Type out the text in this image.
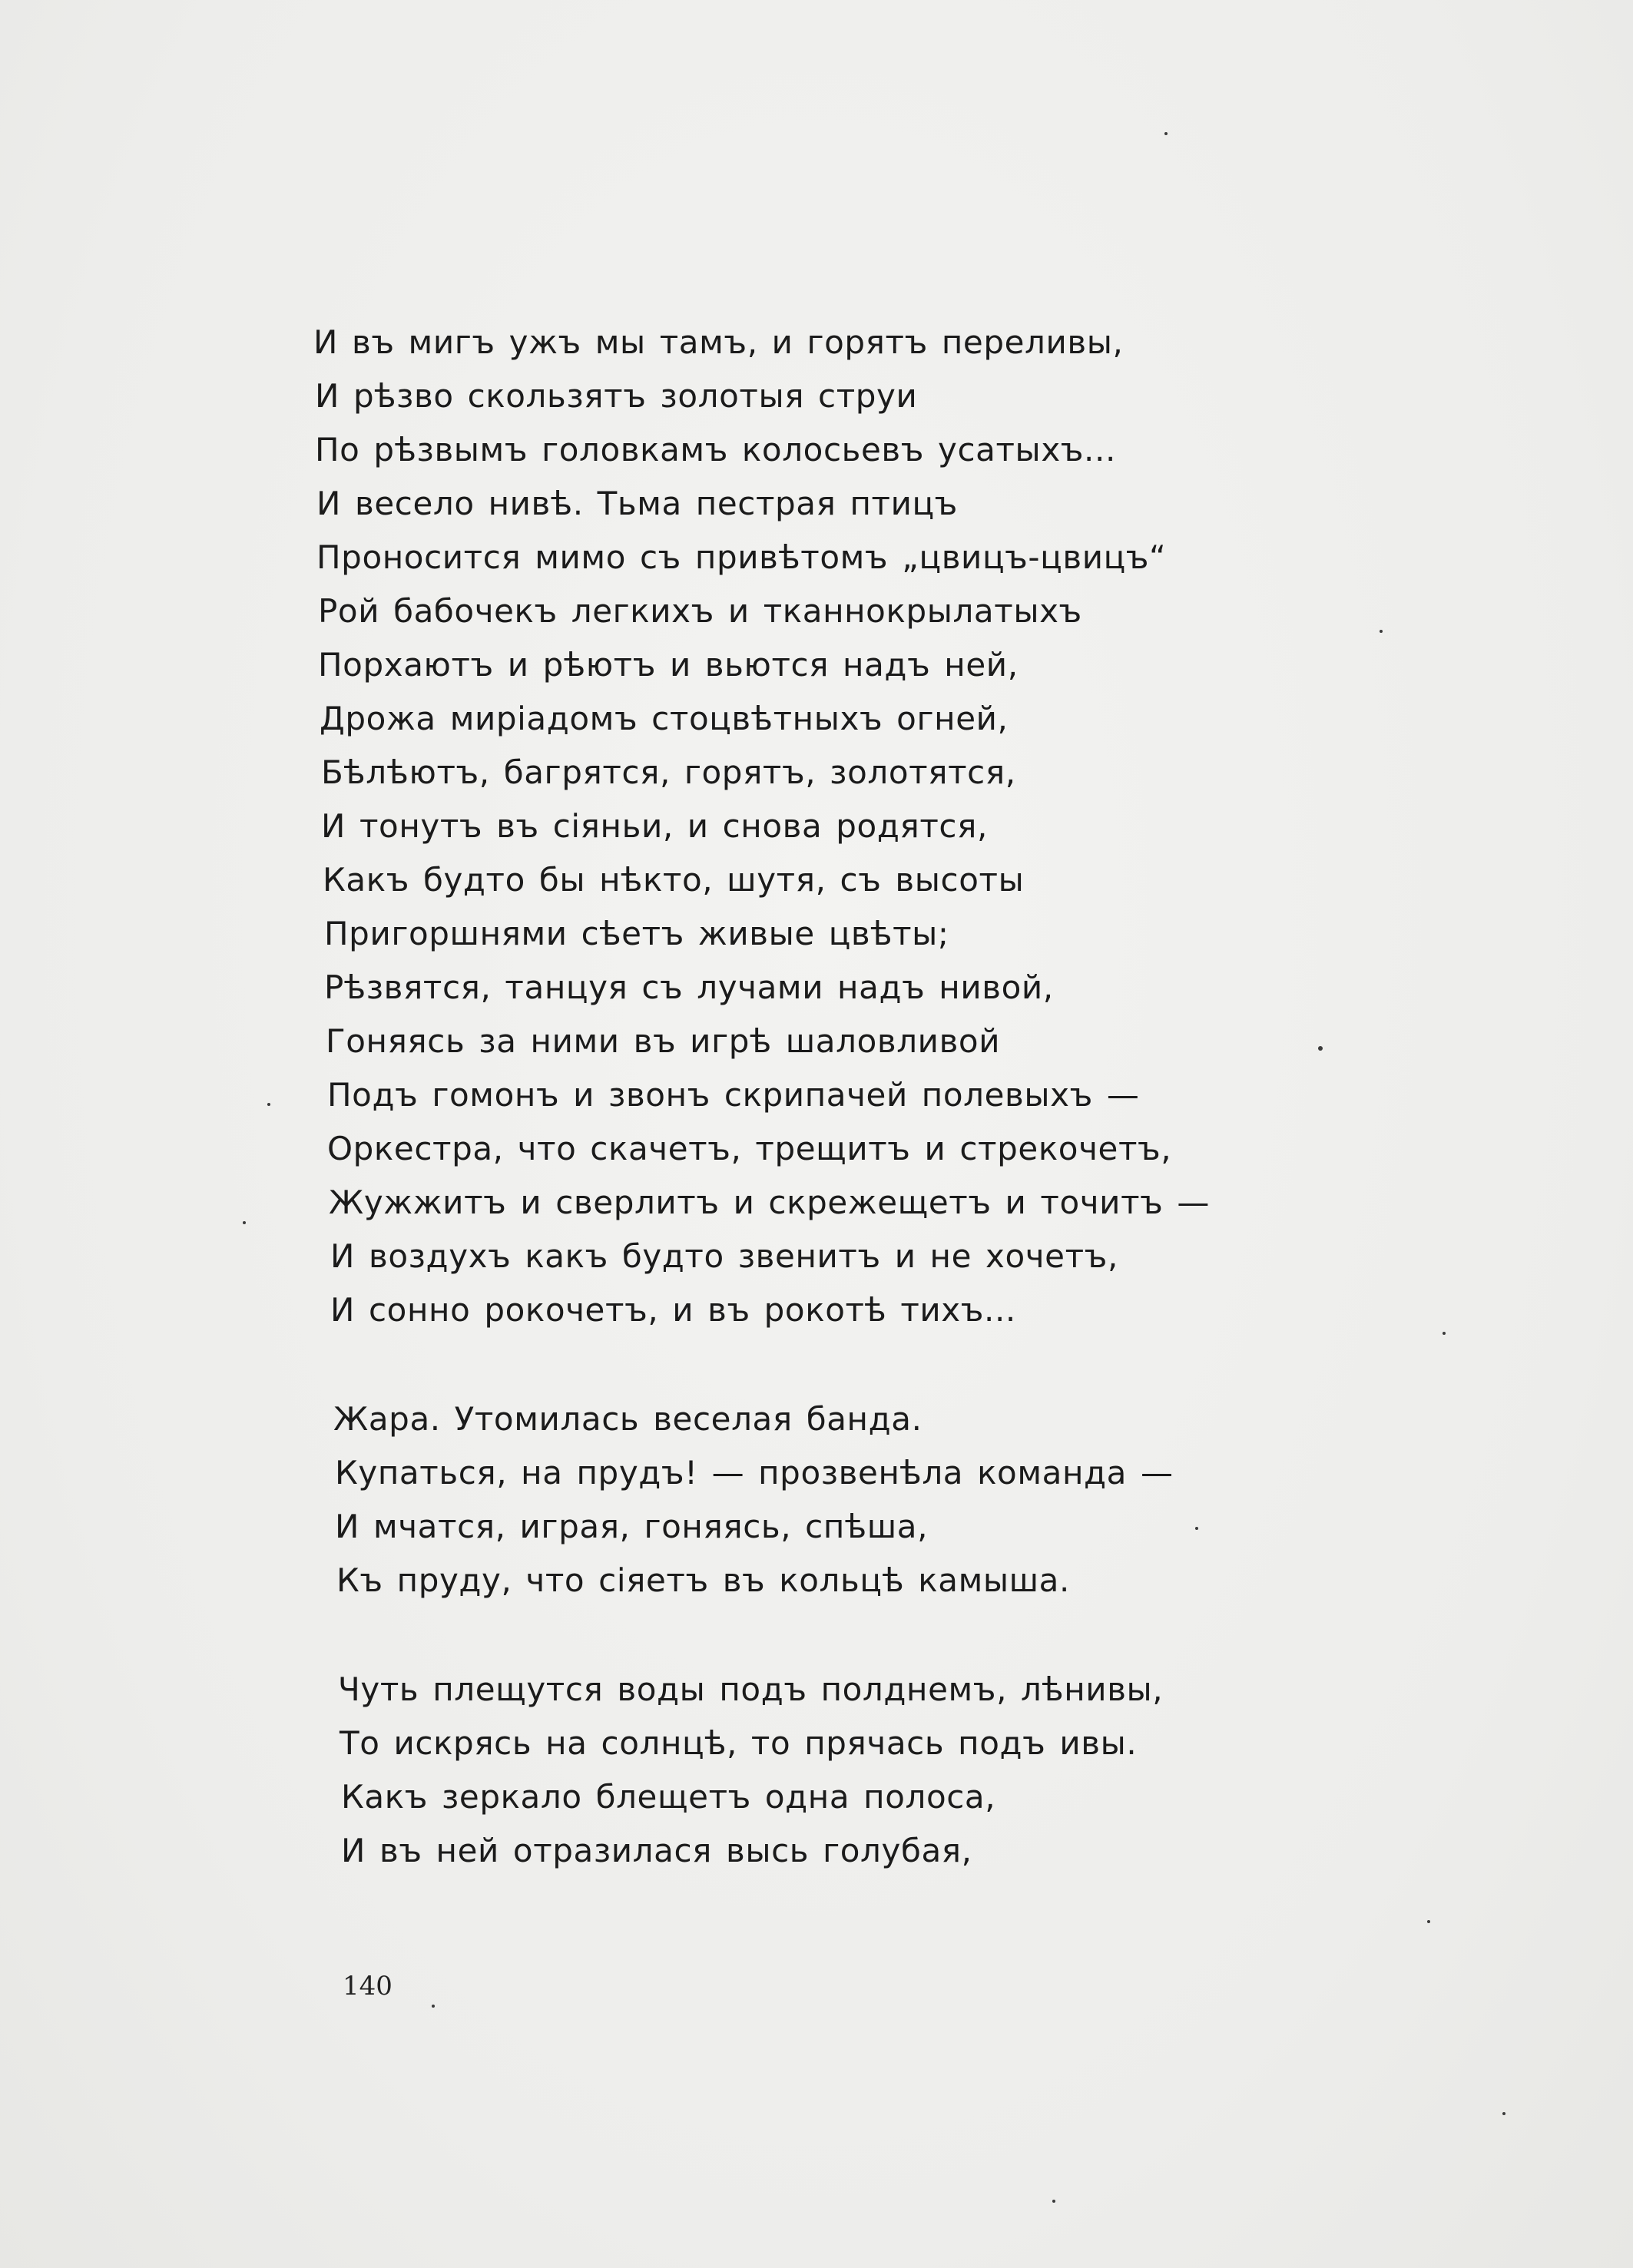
И въ мигъ ужъ мы тамъ, и горятъ переливы,
И рѣзво скользятъ золотыя струи
По рѣзвымъ головкамъ колосьевъ усатыхъ...
И весело нивѣ. Тьма пестрая птицъ
Проносится мимо съ привѣтомъ „цвицъ-цвицъ“
Рой бабочекъ легкихъ и тканнокрылатыхъ
Порхаютъ и рѣютъ и вьются надъ ней,
Дрожа миріадомъ стоцвѣтныхъ огней,
Бѣлѣютъ, багрятся, горятъ, золотятся,
И тонутъ въ сіяньи, и снова родятся,
Какъ будто бы нѣкто, шутя, съ высоты
Пригоршнями сѣетъ живые цвѣты;
Рѣзвятся, танцуя съ лучами надъ нивой,
Гоняясь за ними въ игрѣ шаловливой
Подъ гомонъ и звонъ скрипачей полевыхъ —
Оркестра, что скачетъ, трещитъ и стрекочетъ,
Жужжитъ и сверлитъ и скрежещетъ и точитъ —
И воздухъ какъ будто звенитъ и не хочетъ,
И сонно рокочетъ, и въ рокотѣ тихъ...
Жара. Утомилась веселая банда.
Купаться, на прудъ! — прозвенѣла команда —
И мчатся, играя, гоняясь, спѣша,
Къ пруду, что сіяетъ въ кольцѣ камыша.
Чуть плещутся воды подъ полднемъ, лѣнивы,
То искрясь на солнцѣ, то прячась подъ ивы.
Какъ зеркало блещетъ одна полоса,
И въ ней отразилася высь голубая,
140
